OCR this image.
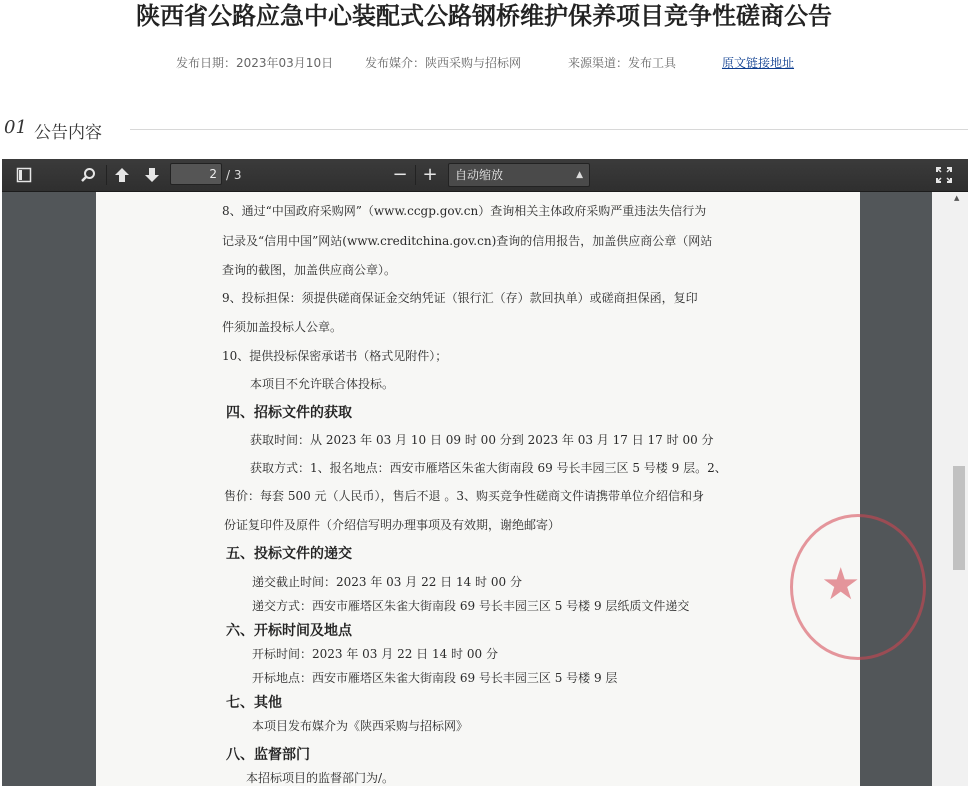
陕西省公路应急中心装配式公路钢桥维护保养项目竞争性磋商公告
发布日期：2023年03月10日	发布媒介：陕西采购与招标网	来源渠道：发布工具	原文链接地址
01 公告内容
2 / 3	− +	自动缩放	▲

8、通过“中国政府采购网”（www.ccgp.gov.cn）查询相关主体政府采购严重违法失信行为
记录及“信用中国”网站(www.creditchina.gov.cn)查询的信用报告，加盖供应商公章（网站
查询的截图，加盖供应商公章）。
9、投标担保：须提供磋商保证金交纳凭证（银行汇（存）款回执单）或磋商担保函，复印
件须加盖投标人公章。
10、提供投标保密承诺书（格式见附件）；
本项目不允许联合体投标。
四、招标文件的获取
获取时间：从 2023 年 03 月 10 日 09 时 00 分到 2023 年 03 月 17 日 17 时 00 分
获取方式：1、报名地点：西安市雁塔区朱雀大街南段 69 号长丰园三区 5 号楼 9 层。2、
售价：每套 500 元（人民币），售后不退 。3、购买竞争性磋商文件请携带单位介绍信和身
份证复印件及原件（介绍信写明办理事项及有效期，谢绝邮寄）
五、投标文件的递交
递交截止时间：2023 年 03 月 22 日 14 时 00 分
递交方式：西安市雁塔区朱雀大街南段 69 号长丰园三区 5 号楼 9 层纸质文件递交
六、开标时间及地点
开标时间：2023 年 03 月 22 日 14 时 00 分
开标地点：西安市雁塔区朱雀大街南段 69 号长丰园三区 5 号楼 9 层
七、其他
本项目发布媒介为《陕西采购与招标网》
八、监督部门
本招标项目的监督部门为/。
★
▲
